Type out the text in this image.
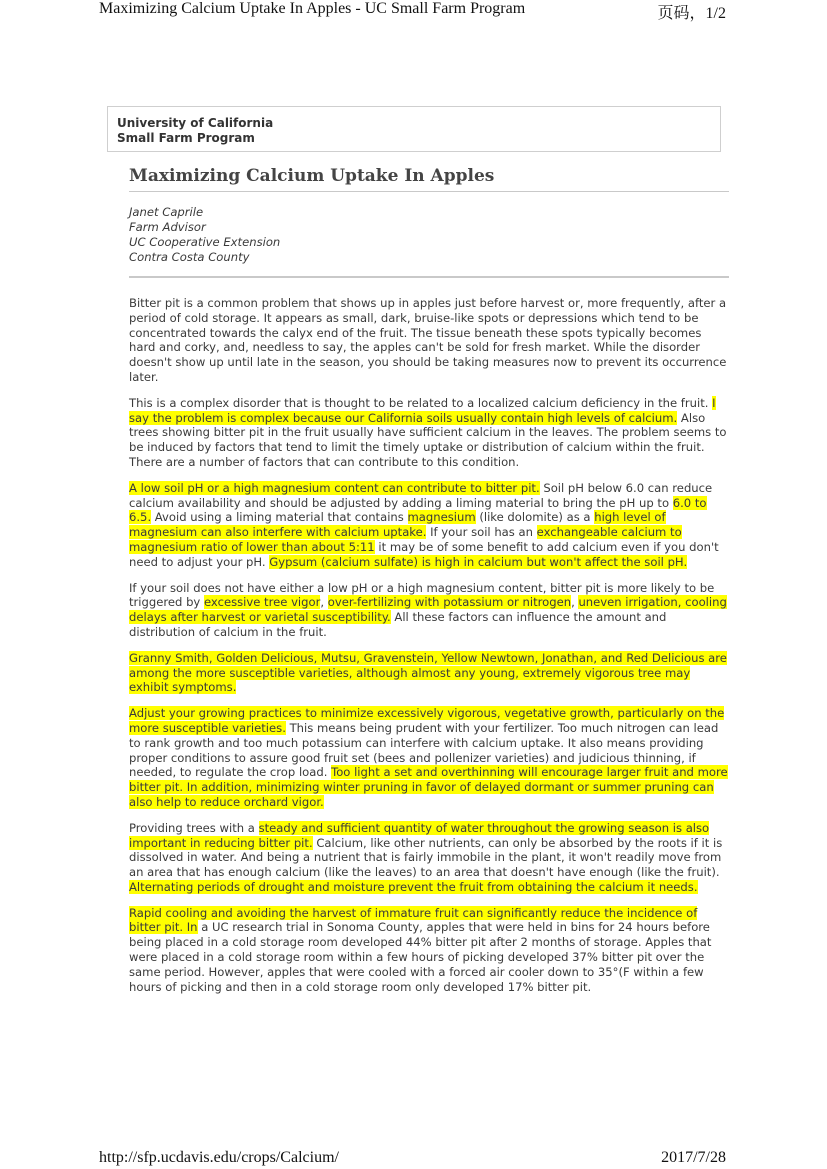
Maximizing Calcium Uptake In Apples - UC Small Farm Program	页码，1/2
University of California
Small Farm Program
Maximizing Calcium Uptake In Apples
Janet Caprile
Farm Advisor
UC Cooperative Extension
Contra Costa County

Bitter pit is a common problem that shows up in apples just before harvest or, more frequently, after a period of cold storage. It appears as small, dark, bruise-like spots or depressions which tend to be concentrated towards the calyx end of the fruit. The tissue beneath these spots typically becomes hard and corky, and, needless to say, the apples can't be sold for fresh market. While the disorder doesn't show up until late in the season, you should be taking measures now to prevent its occurrence later.

This is a complex disorder that is thought to be related to a localized calcium deficiency in the fruit. I say the problem is complex because our California soils usually contain high levels of calcium. Also trees showing bitter pit in the fruit usually have sufficient calcium in the leaves. The problem seems to be induced by factors that tend to limit the timely uptake or distribution of calcium within the fruit. There are a number of factors that can contribute to this condition.

A low soil pH or a high magnesium content can contribute to bitter pit. Soil pH below 6.0 can reduce calcium availability and should be adjusted by adding a liming material to bring the pH up to 6.0 to 6.5. Avoid using a liming material that contains magnesium (like dolomite) as a high level of magnesium can also interfere with calcium uptake. If your soil has an exchangeable calcium to magnesium ratio of lower than about 5:11 it may be of some benefit to add calcium even if you don't need to adjust your pH. Gypsum (calcium sulfate) is high in calcium but won't affect the soil pH.

If your soil does not have either a low pH or a high magnesium content, bitter pit is more likely to be triggered by excessive tree vigor, over-fertilizing with potassium or nitrogen, uneven irrigation, cooling delays after harvest or varietal susceptibility. All these factors can influence the amount and distribution of calcium in the fruit.

Granny Smith, Golden Delicious, Mutsu, Gravenstein, Yellow Newtown, Jonathan, and Red Delicious are among the more susceptible varieties, although almost any young, extremely vigorous tree may exhibit symptoms.

Adjust your growing practices to minimize excessively vigorous, vegetative growth, particularly on the more susceptible varieties. This means being prudent with your fertilizer. Too much nitrogen can lead to rank growth and too much potassium can interfere with calcium uptake. It also means providing proper conditions to assure good fruit set (bees and pollenizer varieties) and judicious thinning, if needed, to regulate the crop load. Too light a set and overthinning will encourage larger fruit and more bitter pit. In addition, minimizing winter pruning in favor of delayed dormant or summer pruning can also help to reduce orchard vigor.

Providing trees with a steady and sufficient quantity of water throughout the growing season is also important in reducing bitter pit. Calcium, like other nutrients, can only be absorbed by the roots if it is dissolved in water. And being a nutrient that is fairly immobile in the plant, it won't readily move from an area that has enough calcium (like the leaves) to an area that doesn't have enough (like the fruit). Alternating periods of drought and moisture prevent the fruit from obtaining the calcium it needs.

Rapid cooling and avoiding the harvest of immature fruit can significantly reduce the incidence of bitter pit. In a UC research trial in Sonoma County, apples that were held in bins for 24 hours before being placed in a cold storage room developed 44% bitter pit after 2 months of storage. Apples that were placed in a cold storage room within a few hours of picking developed 37% bitter pit over the same period. However, apples that were cooled with a forced air cooler down to 35°(F within a few hours of picking and then in a cold storage room only developed 17% bitter pit.

http://sfp.ucdavis.edu/crops/Calcium/	2017/7/28
